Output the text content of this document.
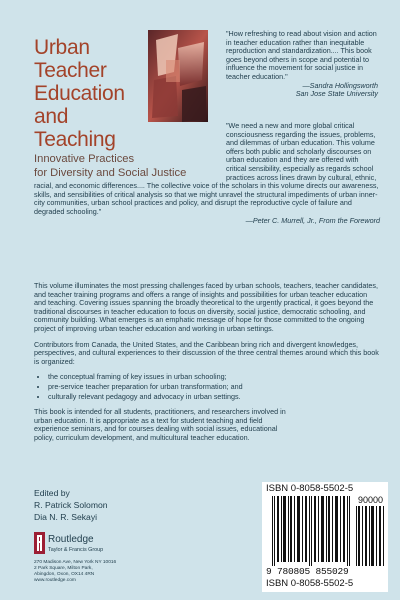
Urban
Teacher
Education
and
Teaching
Innovative Practices
for Diversity and Social Justice
"How refreshing to read about vision and action in teacher education rather than inequitable reproduction and standardization.... This book goes beyond others in scope and potential to influence the movement for social justice in teacher education."
—Sandra Hollingsworth
San Jose State University
"We need a new and more global critical consciousness regarding the issues, problems, and dilemmas of urban education. This volume offers both public and scholarly discourses on urban education and they are offered with critical sensibility, especially as regards school practices across lines drawn by cultural, ethnic,
racial, and economic differences.... The collective voice of the scholars in this volume directs our awareness, skills, and sensibilities of critical analysis so that we might unravel the structural impediments of urban inner-city communities, urban school practices and policy, and disrupt the reproductive cycle of failure and degraded schooling."
—Peter C. Murrell, Jr., From the Foreword

This volume illuminates the most pressing challenges faced by urban schools, teachers, teacher candidates, and teacher training programs and offers a range of insights and possibilities for urban teacher education and teaching. Covering issues spanning the broadly theoretical to the urgently practical, it goes beyond the traditional discourses in teacher education to focus on diversity, social justice, democratic schooling, and community building. What emerges is an emphatic message of hope for those committed to the ongoing project of improving urban teacher education and working in urban settings.

Contributors from Canada, the United States, and the Caribbean bring rich and divergent knowledges, perspectives, and cultural experiences to their discussion of the three central themes around which this book is organized:

• the conceptual framing of key issues in urban schooling;
• pre-service teacher preparation for urban transformation; and
• culturally relevant pedagogy and advocacy in urban settings.

This book is intended for all students, practitioners, and researchers involved in urban education. It is appropriate as a text for student teaching and field experience seminars, and for courses dealing with social issues, educational policy, curriculum development, and multicultural teacher education.

Edited by
R. Patrick Solomon
Dia N. R. Sekayi
Routledge
Taylor & Francis Group
270 Madison Ave, New York NY 10016
2 Park Square, Milton Park,
Abingdon, Oxon, OX14 4RN
www.routledge.com
ISBN 0-8058-5502-5
90000
9 780805 855029
ISBN 0-8058-5502-5
